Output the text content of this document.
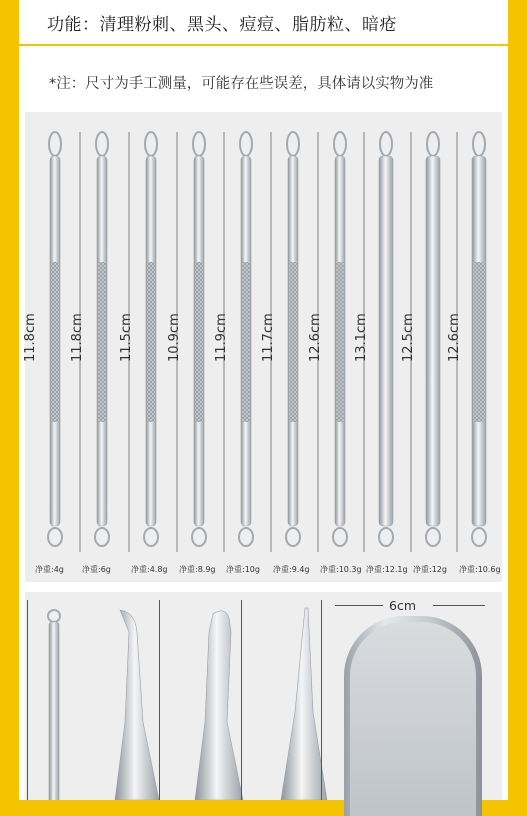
功能：清理粉刺、黑头、痘痘、脂肪粒、暗疮
*注：尺寸为手工测量，可能存在些误差，具体请以实物为准
6cm
11.8cm
净重:4g
11.8cm
净重:6g
11.5cm
净重:4.8g
10.9cm
净重:8.9g
11.9cm
净重:10g
11.7cm
净重:9.4g
12.6cm
净重:10.3g
13.1cm
净重:12.1g
12.5cm
净重:12g
12.6cm
净重:10.6g
